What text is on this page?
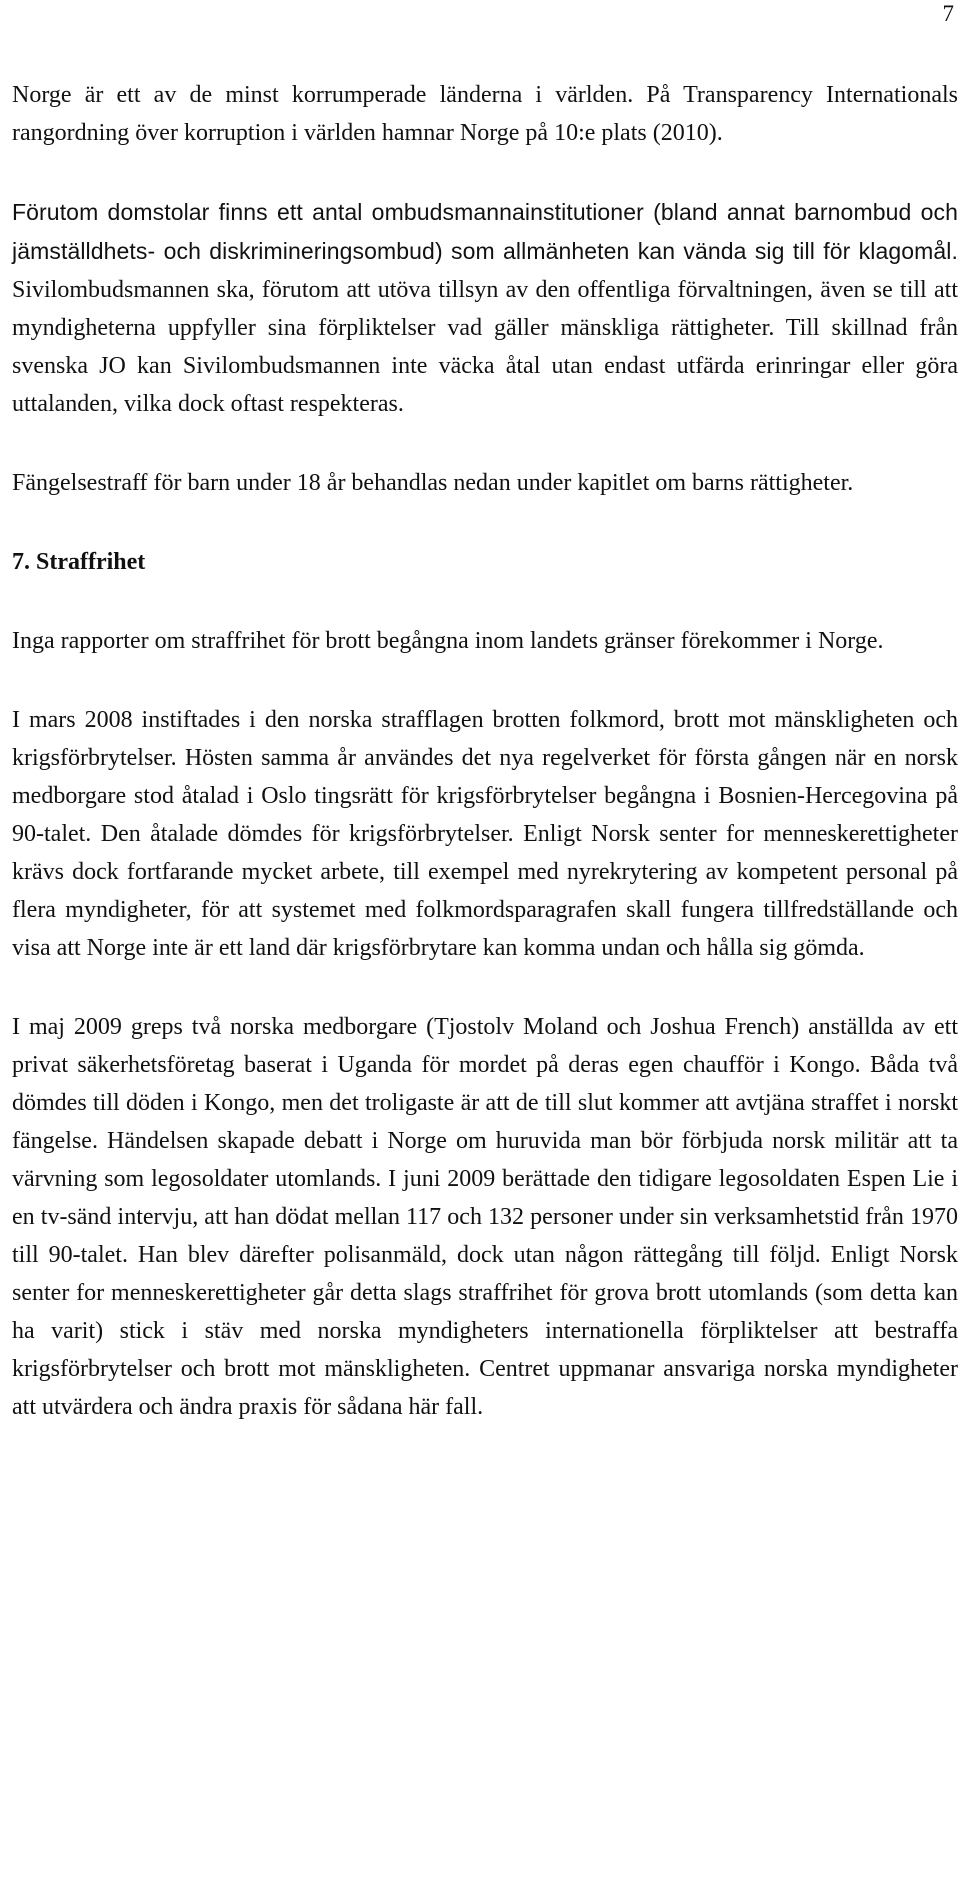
7

Norge är ett av de minst korrumperade länderna i världen. På Transparency Internationals rangordning över korruption i världen hamnar Norge på 10:e plats (2010).

Förutom domstolar finns ett antal ombudsmannainstitutioner (bland annat barnombud och jämställdhets- och diskrimineringsombud) som allmänheten kan vända sig till för klagomål. Sivilombudsmannen ska, förutom att utöva tillsyn av den offentliga förvaltningen, även se till att myndigheterna uppfyller sina förpliktelser vad gäller mänskliga rättigheter. Till skillnad från svenska JO kan Sivilombudsmannen inte väcka åtal utan endast utfärda erinringar eller göra uttalanden, vilka dock oftast respekteras.

Fängelsestraff för barn under 18 år behandlas nedan under kapitlet om barns rättigheter.

7. Straffrihet

Inga rapporter om straffrihet för brott begångna inom landets gränser förekommer i Norge.

I mars 2008 instiftades i den norska strafflagen brotten folkmord, brott mot mänskligheten och krigsförbrytelser. Hösten samma år användes det nya regelverket för första gången när en norsk medborgare stod åtalad i Oslo tingsrätt för krigsförbrytelser begångna i Bosnien-Hercegovina på 90-talet. Den åtalade dömdes för krigsförbrytelser. Enligt Norsk senter for menneskerettigheter krävs dock fortfarande mycket arbete, till exempel med nyrekrytering av kompetent personal på flera myndigheter, för att systemet med folkmordsparagrafen skall fungera tillfredställande och visa att Norge inte är ett land där krigsförbrytare kan komma undan och hålla sig gömda.

I maj 2009 greps två norska medborgare (Tjostolv Moland och Joshua French) anställda av ett privat säkerhetsföretag baserat i Uganda för mordet på deras egen chaufför i Kongo. Båda två dömdes till döden i Kongo, men det troligaste är att de till slut kommer att avtjäna straffet i norskt fängelse. Händelsen skapade debatt i Norge om huruvida man bör förbjuda norsk militär att ta värvning som legosoldater utomlands. I juni 2009 berättade den tidigare legosoldaten Espen Lie i en tv-sänd intervju, att han dödat mellan 117 och 132 personer under sin verksamhetstid från 1970 till 90-talet. Han blev därefter polisanmäld, dock utan någon rättegång till följd. Enligt Norsk senter for menneskerettigheter går detta slags straffrihet för grova brott utomlands (som detta kan ha varit) stick i stäv med norska myndigheters internationella förpliktelser att bestraffa krigsförbrytelser och brott mot mänskligheten. Centret uppmanar ansvariga norska myndigheter att utvärdera och ändra praxis för sådana här fall.
